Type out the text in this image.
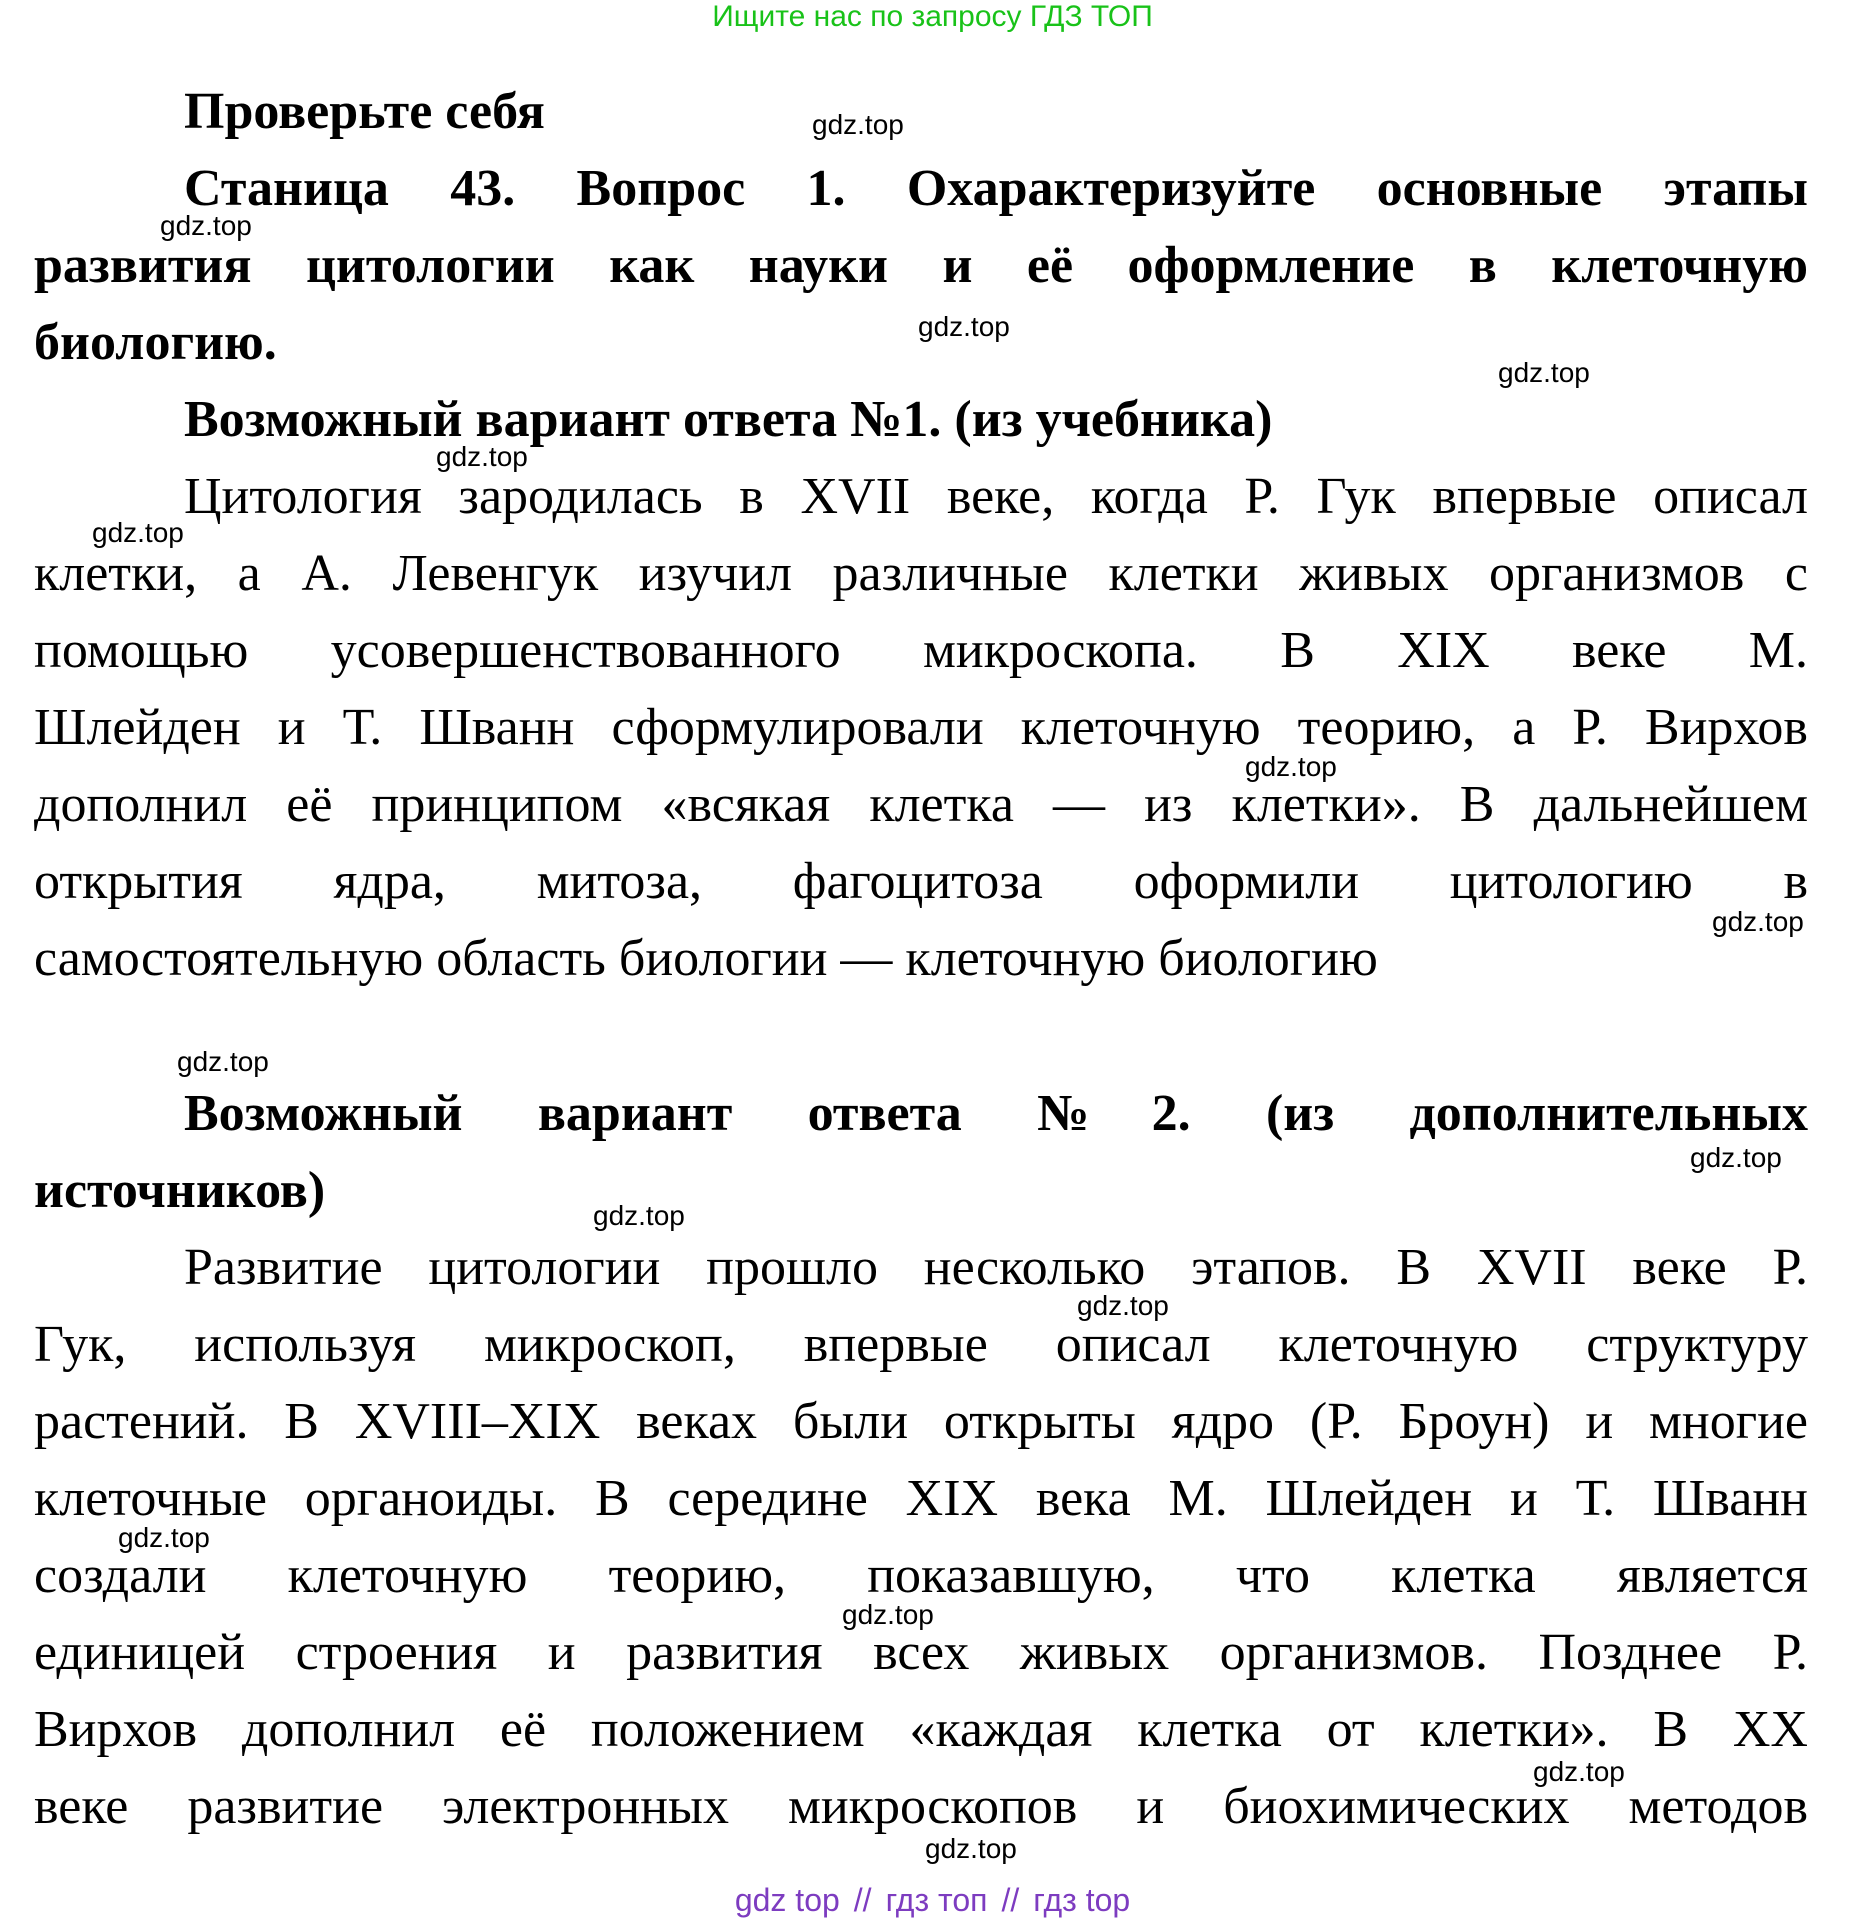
Ищите нас по запросу ГДЗ ТОП
Проверьте себя
Станица 43. Вопрос 1. Охарактеризуйте основные этапы
развития цитологии как науки и её оформление в клеточную
биологию.
Возможный вариант ответа №1. (из учебника)
Цитология зародилась в XVII веке, когда Р. Гук впервые описал
клетки, а А. Левенгук изучил различные клетки живых организмов с
помощью усовершенствованного микроскопа. В XIX веке М.
Шлейден и Т. Шванн сформулировали клеточную теорию, а Р. Вирхов
дополнил её принципом «всякая клетка — из клетки». В дальнейшем
открытия ядра, митоза, фагоцитоза оформили цитологию в
самостоятельную область биологии — клеточную биологию
Возможный вариант ответа №2. (из дополнительных
источников)
Развитие цитологии прошло несколько этапов. В XVII веке Р.
Гук, используя микроскоп, впервые описал клеточную структуру
растений. В XVIII–XIX веках были открыты ядро (Р. Броун) и многие
клеточные органоиды. В середине XIX века М. Шлейден и Т. Шванн
создали клеточную теорию, показавшую, что клетка является
единицей строения и развития всех живых организмов. Позднее Р.
Вирхов дополнил её положением «каждая клетка от клетки». В XX
веке развитие электронных микроскопов и биохимических методов
gdz.top
gdz.top
gdz.top
gdz.top
gdz.top
gdz.top
gdz.top
gdz.top
gdz.top
gdz.top
gdz.top
gdz.top
gdz.top
gdz.top
gdz.top
gdz.top
gdz top // гдз топ // гдз top
